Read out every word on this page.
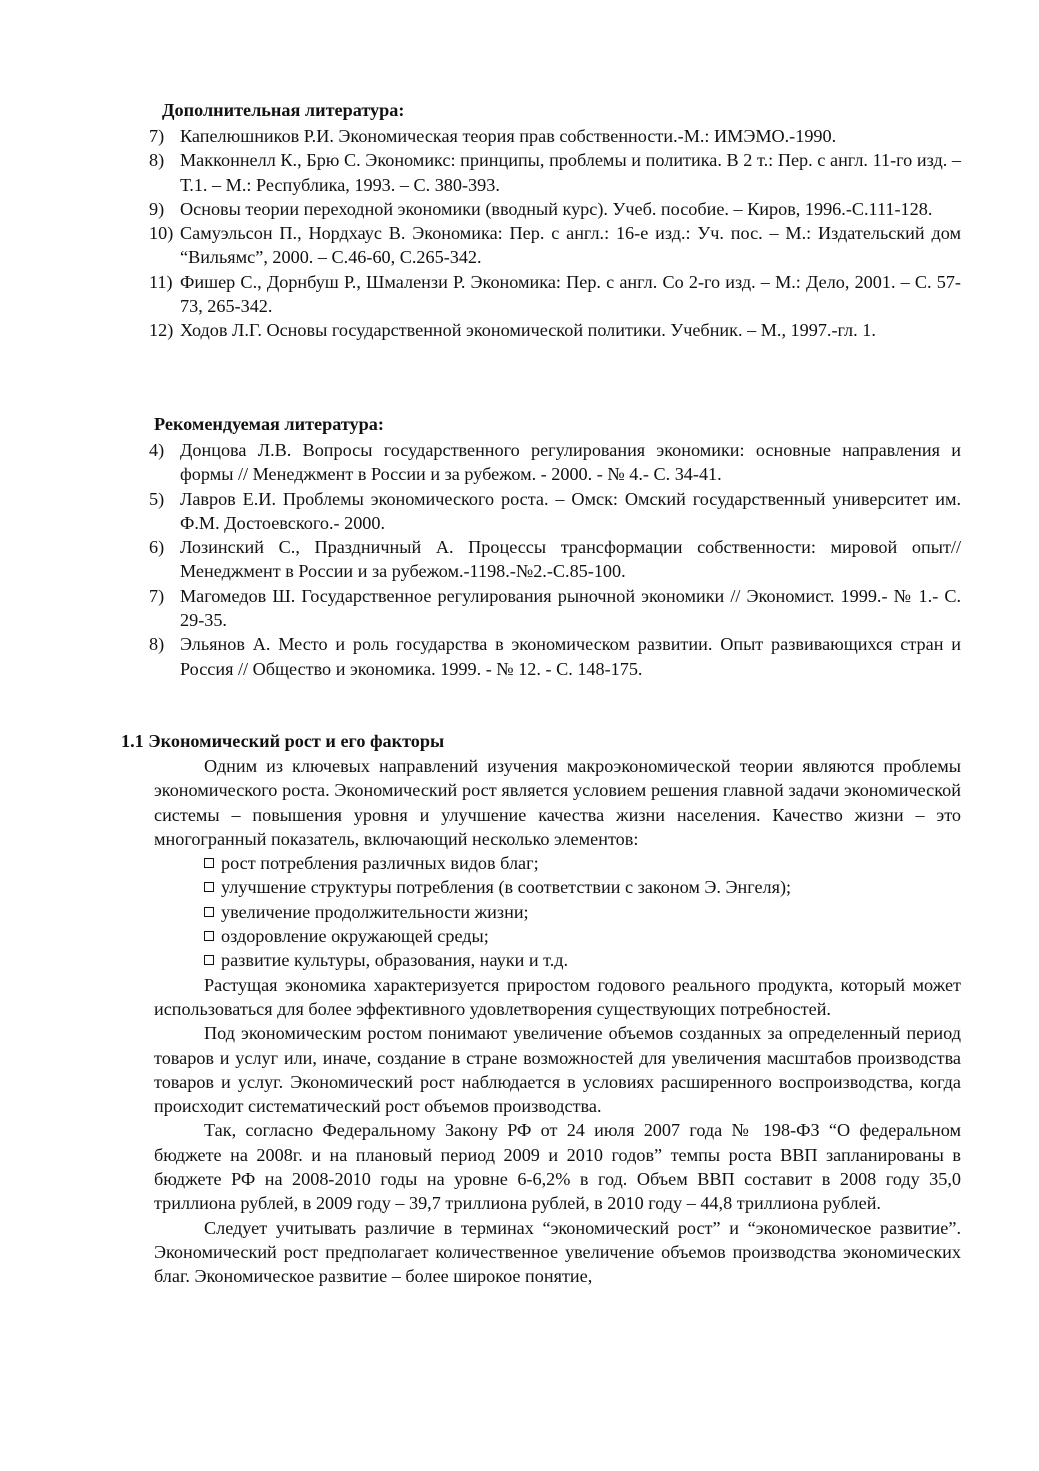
Дополнительная литература:
7) Капелюшников Р.И. Экономическая теория прав собственности.-М.: ИМЭМО.-1990.
8) Макконнелл К., Брю С. Экономикс: принципы, проблемы и политика. В 2 т.: Пер. с англ. 11-го изд. – Т.1. – М.: Республика, 1993. – С. 380-393.
9) Основы теории переходной экономики (вводный курс). Учеб. пособие. – Киров, 1996.-С.111-128.
10) Самуэльсон П., Нордхаус В. Экономика: Пер. с англ.: 16-е изд.: Уч. пос. – М.: Издательский дом “Вильямс”, 2000. – С.46-60, С.265-342.
11) Фишер С., Дорнбуш Р., Шмалензи Р. Экономика: Пер. с англ. Со 2-го изд. – М.: Дело, 2001. – С. 57-73, 265-342.
12) Ходов Л.Г. Основы государственной экономической политики. Учебник. – М., 1997.-гл. 1.
Рекомендуемая литература:
4) Донцова Л.В. Вопросы государственного регулирования экономики: основные направления и формы // Менеджмент в России и за рубежом. - 2000. - № 4.- С. 34-41.
5) Лавров Е.И. Проблемы экономического роста. – Омск: Омский государственный университет им. Ф.М. Достоевского.- 2000.
6) Лозинский С., Праздничный А. Процессы трансформации собственности: мировой опыт// Менеджмент в России и за рубежом.-1198.-№2.-С.85-100.
7) Магомедов Ш. Государственное регулирования рыночной экономики // Экономист. 1999.- № 1.- С. 29-35.
8) Эльянов А. Место и роль государства в экономическом развитии. Опыт развивающихся стран и Россия // Общество и экономика. 1999. - № 12. - С. 148-175.
1.1 Экономический рост и его факторы

Одним из ключевых направлений изучения макроэкономической теории являются проблемы экономического роста. Экономический рост является условием решения главной задачи экономической системы – повышения уровня и улучшение качества жизни населения. Качество жизни – это многогранный показатель, включающий несколько элементов:

рост потребления различных видов благ;
улучшение структуры потребления (в соответствии с законом Э. Энгеля);
увеличение продолжительности жизни;
оздоровление окружающей среды;
развитие культуры, образования, науки и т.д.

Растущая экономика характеризуется приростом годового реального продукта, который может использоваться для более эффективного удовлетворения существующих потребностей.

Под экономическим ростом понимают увеличение объемов созданных за определенный период товаров и услуг или, иначе, создание в стране возможностей для увеличения масштабов производства товаров и услуг. Экономический рост наблюдается в условиях расширенного воспроизводства, когда происходит систематический рост объемов производства.

Так, согласно Федеральному Закону РФ от 24 июля 2007 года № 198-ФЗ “О федеральном бюджете на 2008г. и на плановый период 2009 и 2010 годов” темпы роста ВВП запланированы в бюджете РФ на 2008-2010 годы на уровне 6-6,2% в год. Объем ВВП составит в 2008 году 35,0 триллиона рублей, в 2009 году – 39,7 триллиона рублей, в 2010 году – 44,8 триллиона рублей.

Следует учитывать различие в терминах “экономический рост” и “экономическое развитие”. Экономический рост предполагает количественное увеличение объемов производства экономических благ. Экономическое развитие – более широкое понятие,
